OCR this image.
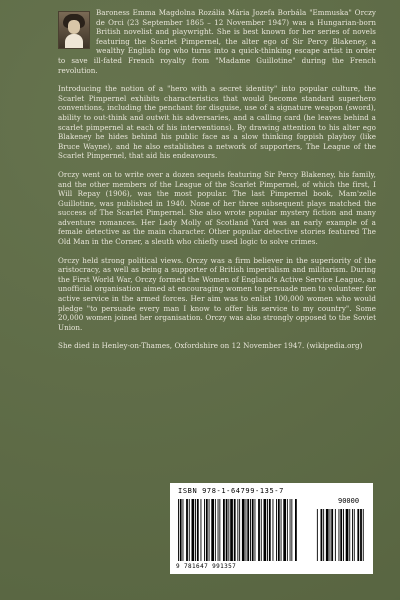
Baroness Emma Magdolna Rozália Mária Jozefa Borbála "Emmuska" Orczy de Orci (23 September 1865 – 12 November 1947) was a Hungarian-born British novelist and playwright. She is best known for her series of novels featuring the Scarlet Pimpernel, the alter ego of Sir Percy Blakeney, a wealthy English fop who turns into a quick-thinking escape artist in order to save ill-fated French royalty from "Madame Guillotine" during the French revolution.

Introducing the notion of a "hero with a secret identity" into popular culture, the Scarlet Pimpernel exhibits characteristics that would become standard superhero conventions, including the penchant for disguise, use of a signature weapon (sword), ability to out-think and outwit his adversaries, and a calling card (he leaves behind a scarlet pimpernel at each of his interventions). By drawing attention to his alter ego Blakeney he hides behind his public face as a slow thinking foppish playboy (like Bruce Wayne), and he also establishes a network of supporters, The League of the Scarlet Pimpernel, that aid his endeavours.

Orczy went on to write over a dozen sequels featuring Sir Percy Blakeney, his family, and the other members of the League of the Scarlet Pimpernel, of which the first, I Will Repay (1906), was the most popular. The last Pimpernel book, Mam'zelle Guillotine, was published in 1940. None of her three subsequent plays matched the success of The Scarlet Pimpernel. She also wrote popular mystery fiction and many adventure romances. Her Lady Molly of Scotland Yard was an early example of a female detective as the main character. Other popular detective stories featured The Old Man in the Corner, a sleuth who chiefly used logic to solve crimes.

Orczy held strong political views. Orczy was a firm believer in the superiority of the aristocracy, as well as being a supporter of British imperialism and militarism. During the First World War, Orczy formed the Women of England's Active Service League, an unofficial organisation aimed at encouraging women to persuade men to volunteer for active service in the armed forces. Her aim was to enlist 100,000 women who would pledge "to persuade every man I know to offer his service to my country". Some 20,000 women joined her organisation. Orczy was also strongly opposed to the Soviet Union.

She died in Henley-on-Thames, Oxfordshire on 12 November 1947. (wikipedia.org)

ISBN 978-1-64799-135-7
90000
9 781647 991357
